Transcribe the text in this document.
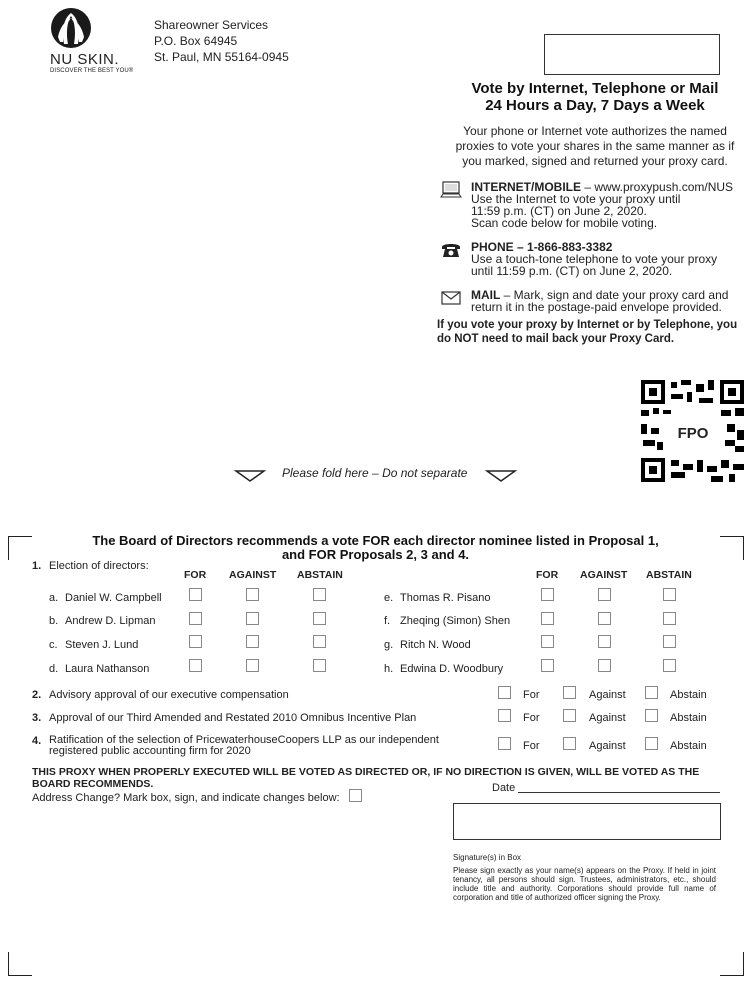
NU SKIN.
DISCOVER THE BEST YOU®
Shareowner Services
P.O. Box 64945
St. Paul, MN 55164-0945
Vote by Internet, Telephone or Mail
24 Hours a Day, 7 Days a Week
Your phone or Internet vote authorizes the named
proxies to vote your shares in the same manner as if
you marked, signed and returned your proxy card.
INTERNET/MOBILE – www.proxypush.com/NUS
Use the Internet to vote your proxy until
11:59 p.m. (CT) on June 2, 2020.
Scan code below for mobile voting.
PHONE – 1-866-883-3382
Use a touch-tone telephone to vote your proxy
until 11:59 p.m. (CT) on June 2, 2020.
MAIL – Mark, sign and date your proxy card and
return it in the postage-paid envelope provided.
If you vote your proxy by Internet or by Telephone, you
do NOT need to mail back your Proxy Card.
FPO
Please fold here – Do not separate
The Board of Directors recommends a vote FOR each director nominee listed in Proposal 1,
and FOR Proposals 2, 3 and 4.
1. Election of directors:
FOR AGAINST ABSTAIN	FOR AGAINST ABSTAIN
a. Daniel W. Campbell
b. Andrew D. Lipman
c. Steven J. Lund
d. Laura Nathanson
e. Thomas R. Pisano
f. Zheqing (Simon) Shen
g. Ritch N. Wood
h. Edwina D. Woodbury
2. Advisory approval of our executive compensation
3. Approval of our Third Amended and Restated 2010 Omnibus Incentive Plan
4. Ratification of the selection of PricewaterhouseCoopers LLP as our independent
registered public accounting firm for 2020
For	Against	Abstain
For	Against	Abstain
For	Against	Abstain
THIS PROXY WHEN PROPERLY EXECUTED WILL BE VOTED AS DIRECTED OR, IF NO DIRECTION IS GIVEN, WILL BE VOTED AS THE
BOARD RECOMMENDS.	Date
Address Change? Mark box, sign, and indicate changes below:
Signature(s) in Box
Please sign exactly as your name(s) appears on the Proxy. If held in joint tenancy, all persons should sign. Trustees, administrators, etc., should include title and authority. Corporations should provide full name of corporation and title of authorized officer signing the Proxy.
